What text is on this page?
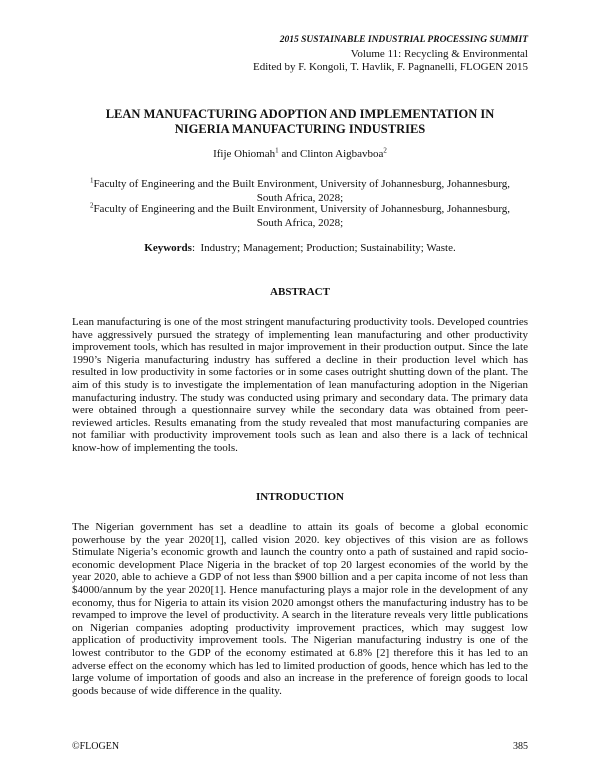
2015 SUSTAINABLE INDUSTRIAL PROCESSING SUMMIT
Volume 11: Recycling & Environmental
Edited by F. Kongoli, T. Havlik, F. Pagnanelli, FLOGEN 2015
LEAN MANUFACTURING ADOPTION AND IMPLEMENTATION IN
NIGERIA MANUFACTURING INDUSTRIES
Ifije Ohiomah$^1$ and Clinton Aigbavboa$^2$
$^1$Faculty of Engineering and the Built Environment, University of Johannesburg, Johannesburg,
South Africa, 2028;
$^2$Faculty of Engineering and the Built Environment, University of Johannesburg, Johannesburg,
South Africa, 2028;
Keywords:  Industry; Management; Production; Sustainability; Waste.
ABSTRACT

Lean manufacturing is one of the most stringent manufacturing productivity tools. Developed countries have aggressively pursued the strategy of implementing lean manufacturing and other productivity improvement tools, which has resulted in major improvement in their production output. Since the late 1990’s Nigeria manufacturing industry has suffered a decline in their production level which has resulted in low productivity in some factories or in some cases outright shutting down of the plant. The aim of this study is to investigate the implementation of lean manufacturing adoption in the Nigerian manufacturing industry. The study was conducted using primary and secondary data. The primary data were obtained through a questionnaire survey while the secondary data was obtained from peer-reviewed articles. Results emanating from the study revealed that most manufacturing companies are not familiar with productivity improvement tools such as lean and also there is a lack of technical know-how of implementing the tools.

INTRODUCTION

The Nigerian government has set a deadline to attain its goals of become a global economic powerhouse by the year 2020[1], called vision 2020. key objectives of this vision are as follows Stimulate Nigeria’s economic growth and launch the country onto a path of sustained and rapid socio-economic development Place Nigeria in the bracket of top 20 largest economies of the world by the year 2020, able to achieve a GDP of not less than $900 billion and a per capita income of not less than $4000/annum by the year 2020[1]. Hence manufacturing plays a major role in the development of any economy, thus for Nigeria to attain its vision 2020 amongst others the manufacturing industry has to be revamped to improve the level of productivity. A search in the literature reveals very little publications on Nigerian companies adopting productivity improvement practices, which may suggest low application of productivity improvement tools. The Nigerian manufacturing industry is one of the lowest contributor to the GDP of the economy estimated at 6.8% [2] therefore this it has led to an adverse effect on the economy which has led to limited production of goods, hence which has led to the large volume of importation of goods and also an increase in the preference of foreign goods to local goods because of wide difference in the quality.

©FLOGEN	385
